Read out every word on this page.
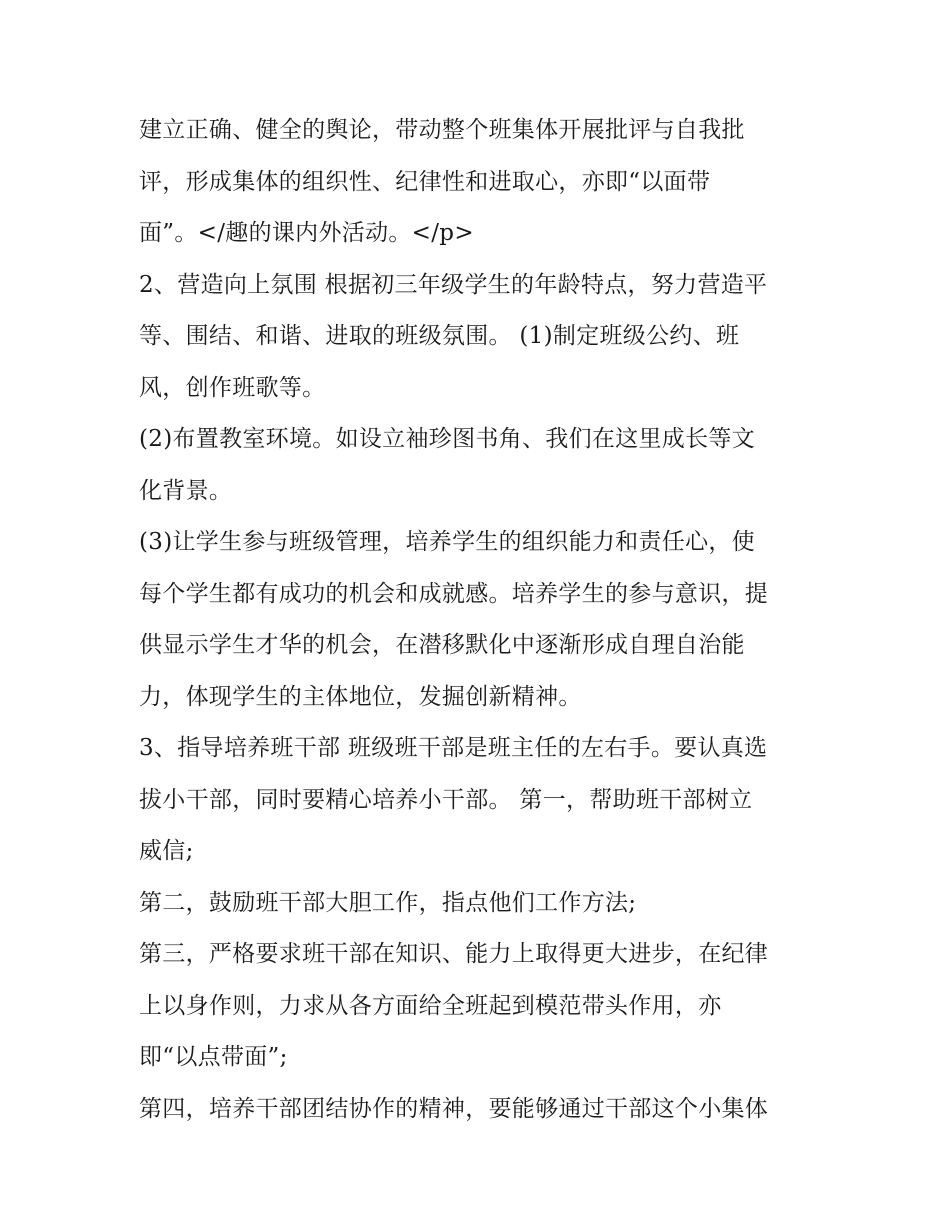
建立正确、健全的舆论，带动整个班集体开展批评与自我批
评，形成集体的组织性、纪律性和进取心，亦即“以面带
面”。</趣的课内外活动。</p>
2、营造向上氛围 根据初三年级学生的年龄特点，努力营造平
等、围结、和谐、进取的班级氛围。 (1)制定班级公约、班
风，创作班歌等。
(2)布置教室环境。如设立袖珍图书角、我们在这里成长等文
化背景。
(3)让学生参与班级管理，培养学生的组织能力和责任心，使
每个学生都有成功的机会和成就感。培养学生的参与意识，提
供显示学生才华的机会，在潜移默化中逐渐形成自理自治能
力，体现学生的主体地位，发掘创新精神。
3、指导培养班干部 班级班干部是班主任的左右手。要认真选
拔小干部，同时要精心培养小干部。 第一，帮助班干部树立
威信;
第二，鼓励班干部大胆工作，指点他们工作方法;
第三，严格要求班干部在知识、能力上取得更大进步，在纪律
上以身作则，力求从各方面给全班起到模范带头作用，亦
即“以点带面”;
第四，培养干部团结协作的精神，要能够通过干部这个小集体
